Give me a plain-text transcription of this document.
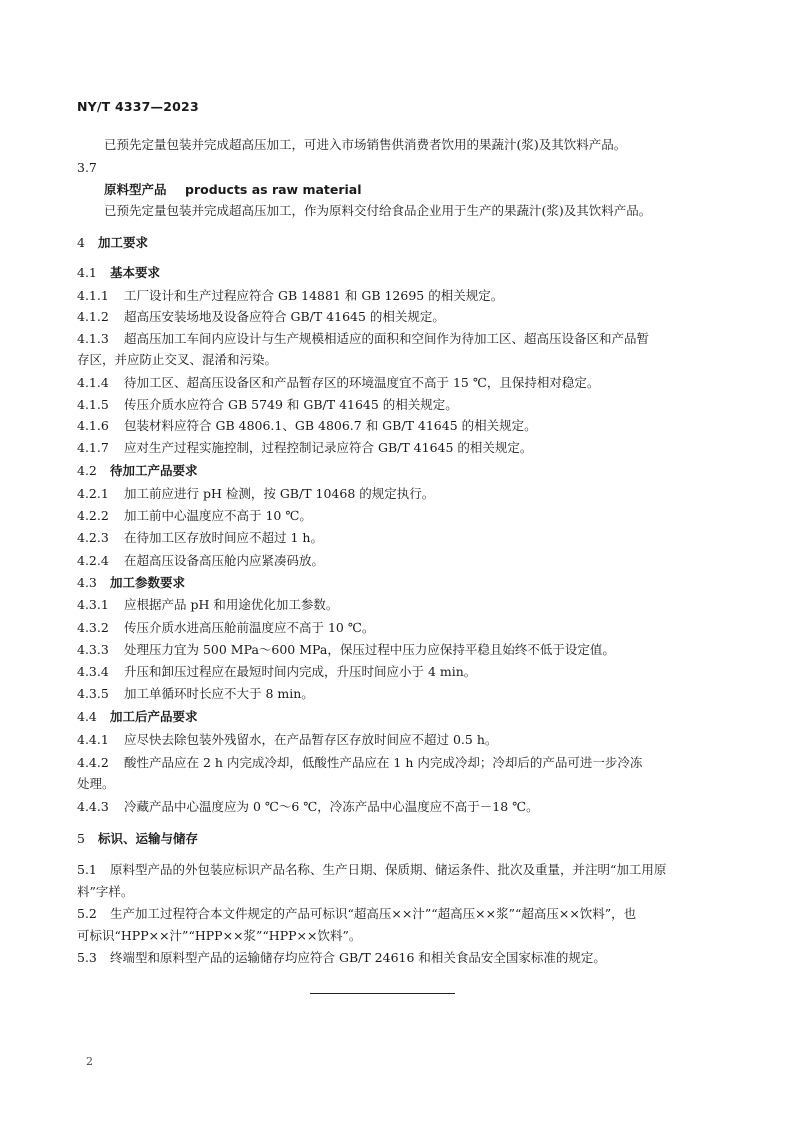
NY/T 4337—2023
已预先定量包装并完成超高压加工，可进入市场销售供消费者饮用的果蔬汁(浆)及其饮料产品。
3.7
原料型产品 products as raw material
已预先定量包装并完成超高压加工，作为原料交付给食品企业用于生产的果蔬汁(浆)及其饮料产品。
4 加工要求
4.1 基本要求
4.1.1 工厂设计和生产过程应符合 GB 14881 和 GB 12695 的相关规定。
4.1.2 超高压安装场地及设备应符合 GB/T 41645 的相关规定。
4.1.3 超高压加工车间内应设计与生产规模相适应的面积和空间作为待加工区、超高压设备区和产品暂
存区，并应防止交叉、混淆和污染。
4.1.4 待加工区、超高压设备区和产品暂存区的环境温度宜不高于 15 ℃，且保持相对稳定。
4.1.5 传压介质水应符合 GB 5749 和 GB/T 41645 的相关规定。
4.1.6 包装材料应符合 GB 4806.1、GB 4806.7 和 GB/T 41645 的相关规定。
4.1.7 应对生产过程实施控制，过程控制记录应符合 GB/T 41645 的相关规定。
4.2 待加工产品要求
4.2.1 加工前应进行 pH 检测，按 GB/T 10468 的规定执行。
4.2.2 加工前中心温度应不高于 10 ℃。
4.2.3 在待加工区存放时间应不超过 1 h。
4.2.4 在超高压设备高压舱内应紧凑码放。
4.3 加工参数要求
4.3.1 应根据产品 pH 和用途优化加工参数。
4.3.2 传压介质水进高压舱前温度应不高于 10 ℃。
4.3.3 处理压力宜为 500 MPa～600 MPa，保压过程中压力应保持平稳且始终不低于设定值。
4.3.4 升压和卸压过程应在最短时间内完成，升压时间应小于 4 min。
4.3.5 加工单循环时长应不大于 8 min。
4.4 加工后产品要求
4.4.1 应尽快去除包装外残留水，在产品暂存区存放时间应不超过 0.5 h。
4.4.2 酸性产品应在 2 h 内完成冷却，低酸性产品应在 1 h 内完成冷却；冷却后的产品可进一步冷冻
处理。
4.4.3 冷藏产品中心温度应为 0 ℃～6 ℃，冷冻产品中心温度应不高于－18 ℃。
5 标识、运输与储存
5.1 原料型产品的外包装应标识产品名称、生产日期、保质期、储运条件、批次及重量，并注明“加工用原
料”字样。
5.2 生产加工过程符合本文件规定的产品可标识“超高压××汁”“超高压××浆”“超高压××饮料”，也
可标识“HPP××汁”“HPP××浆”“HPP××饮料”。
5.3 终端型和原料型产品的运输储存均应符合 GB/T 24616 和相关食品安全国家标准的规定。
2
